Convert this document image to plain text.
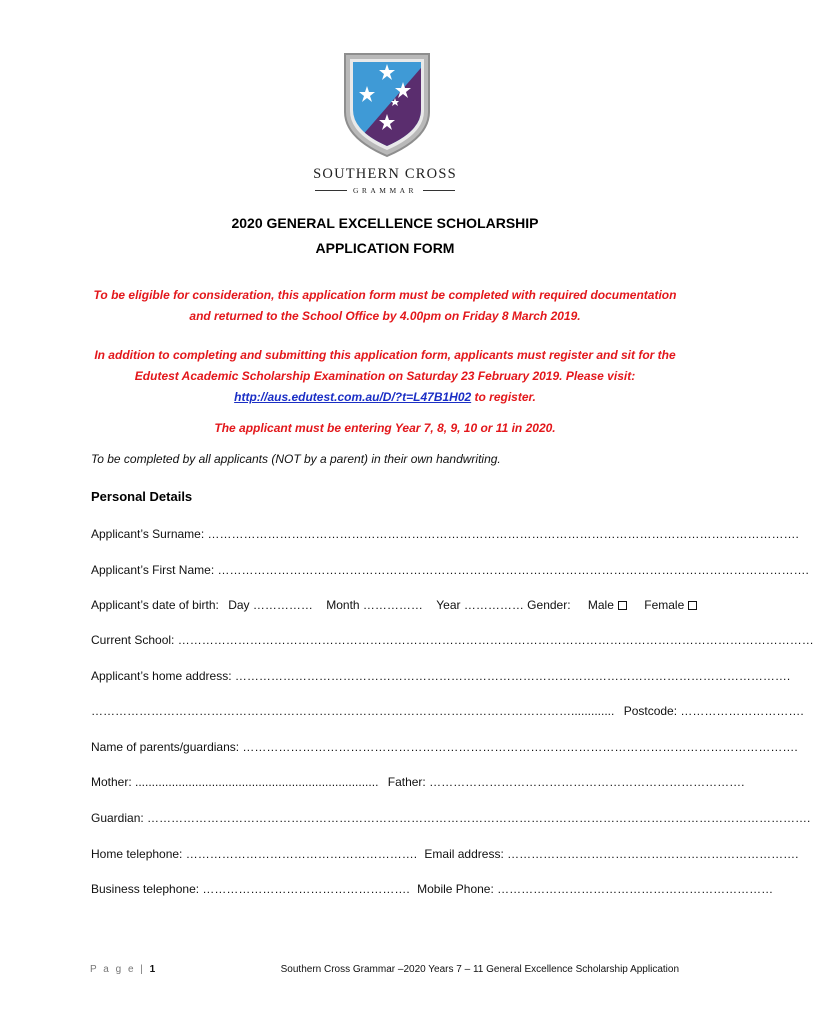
SOUTHERN CROSS
GRAMMAR
2020 GENERAL EXCELLENCE SCHOLARSHIP
APPLICATION FORM
To be eligible for consideration, this application form must be completed with required documentation
and returned to the School Office by 4.00pm on Friday 8 March 2019.
In addition to completing and submitting this application form, applicants must register and sit for the
Edutest Academic Scholarship Examination on Saturday 23 February 2019. Please visit:
http://aus.edutest.com.au/D/?t=L47B1H02 to register.
The applicant must be entering Year 7, 8, 9, 10 or 11 in 2020.
To be completed by all applicants (NOT by a parent) in their own handwriting.
Personal Details
Applicant’s Surname: ………………………………………………………………………………………………………………………………….
Applicant’s First Name: ………………………………………………………………………………………………………………………………….
Applicant’s date of birth: Day …………… Month …………… Year …………… Gender: Male	Female
Current School: ……………………………………………………………………………………………………………………………………………
Applicant’s home address: ………………………………………………………………………………………………………………………….
…………………………………………………………………………………………………………............. Postcode: ………………………….
Name of parents/guardians: ………………………………………………………………………………………………………………………….
Mother: ......................................................................... Father: …………………………………………………………………….
Guardian: ………………………………………………………………………………………………………………………………………………….
Home telephone: …………………………………………………. Email address: ……………………………………………………………….
Business telephone: ……………………………………………. Mobile Phone: ……………………………………………………………
P a g e | 1	Southern Cross Grammar –2020 Years 7 – 11 General Excellence Scholarship Application
